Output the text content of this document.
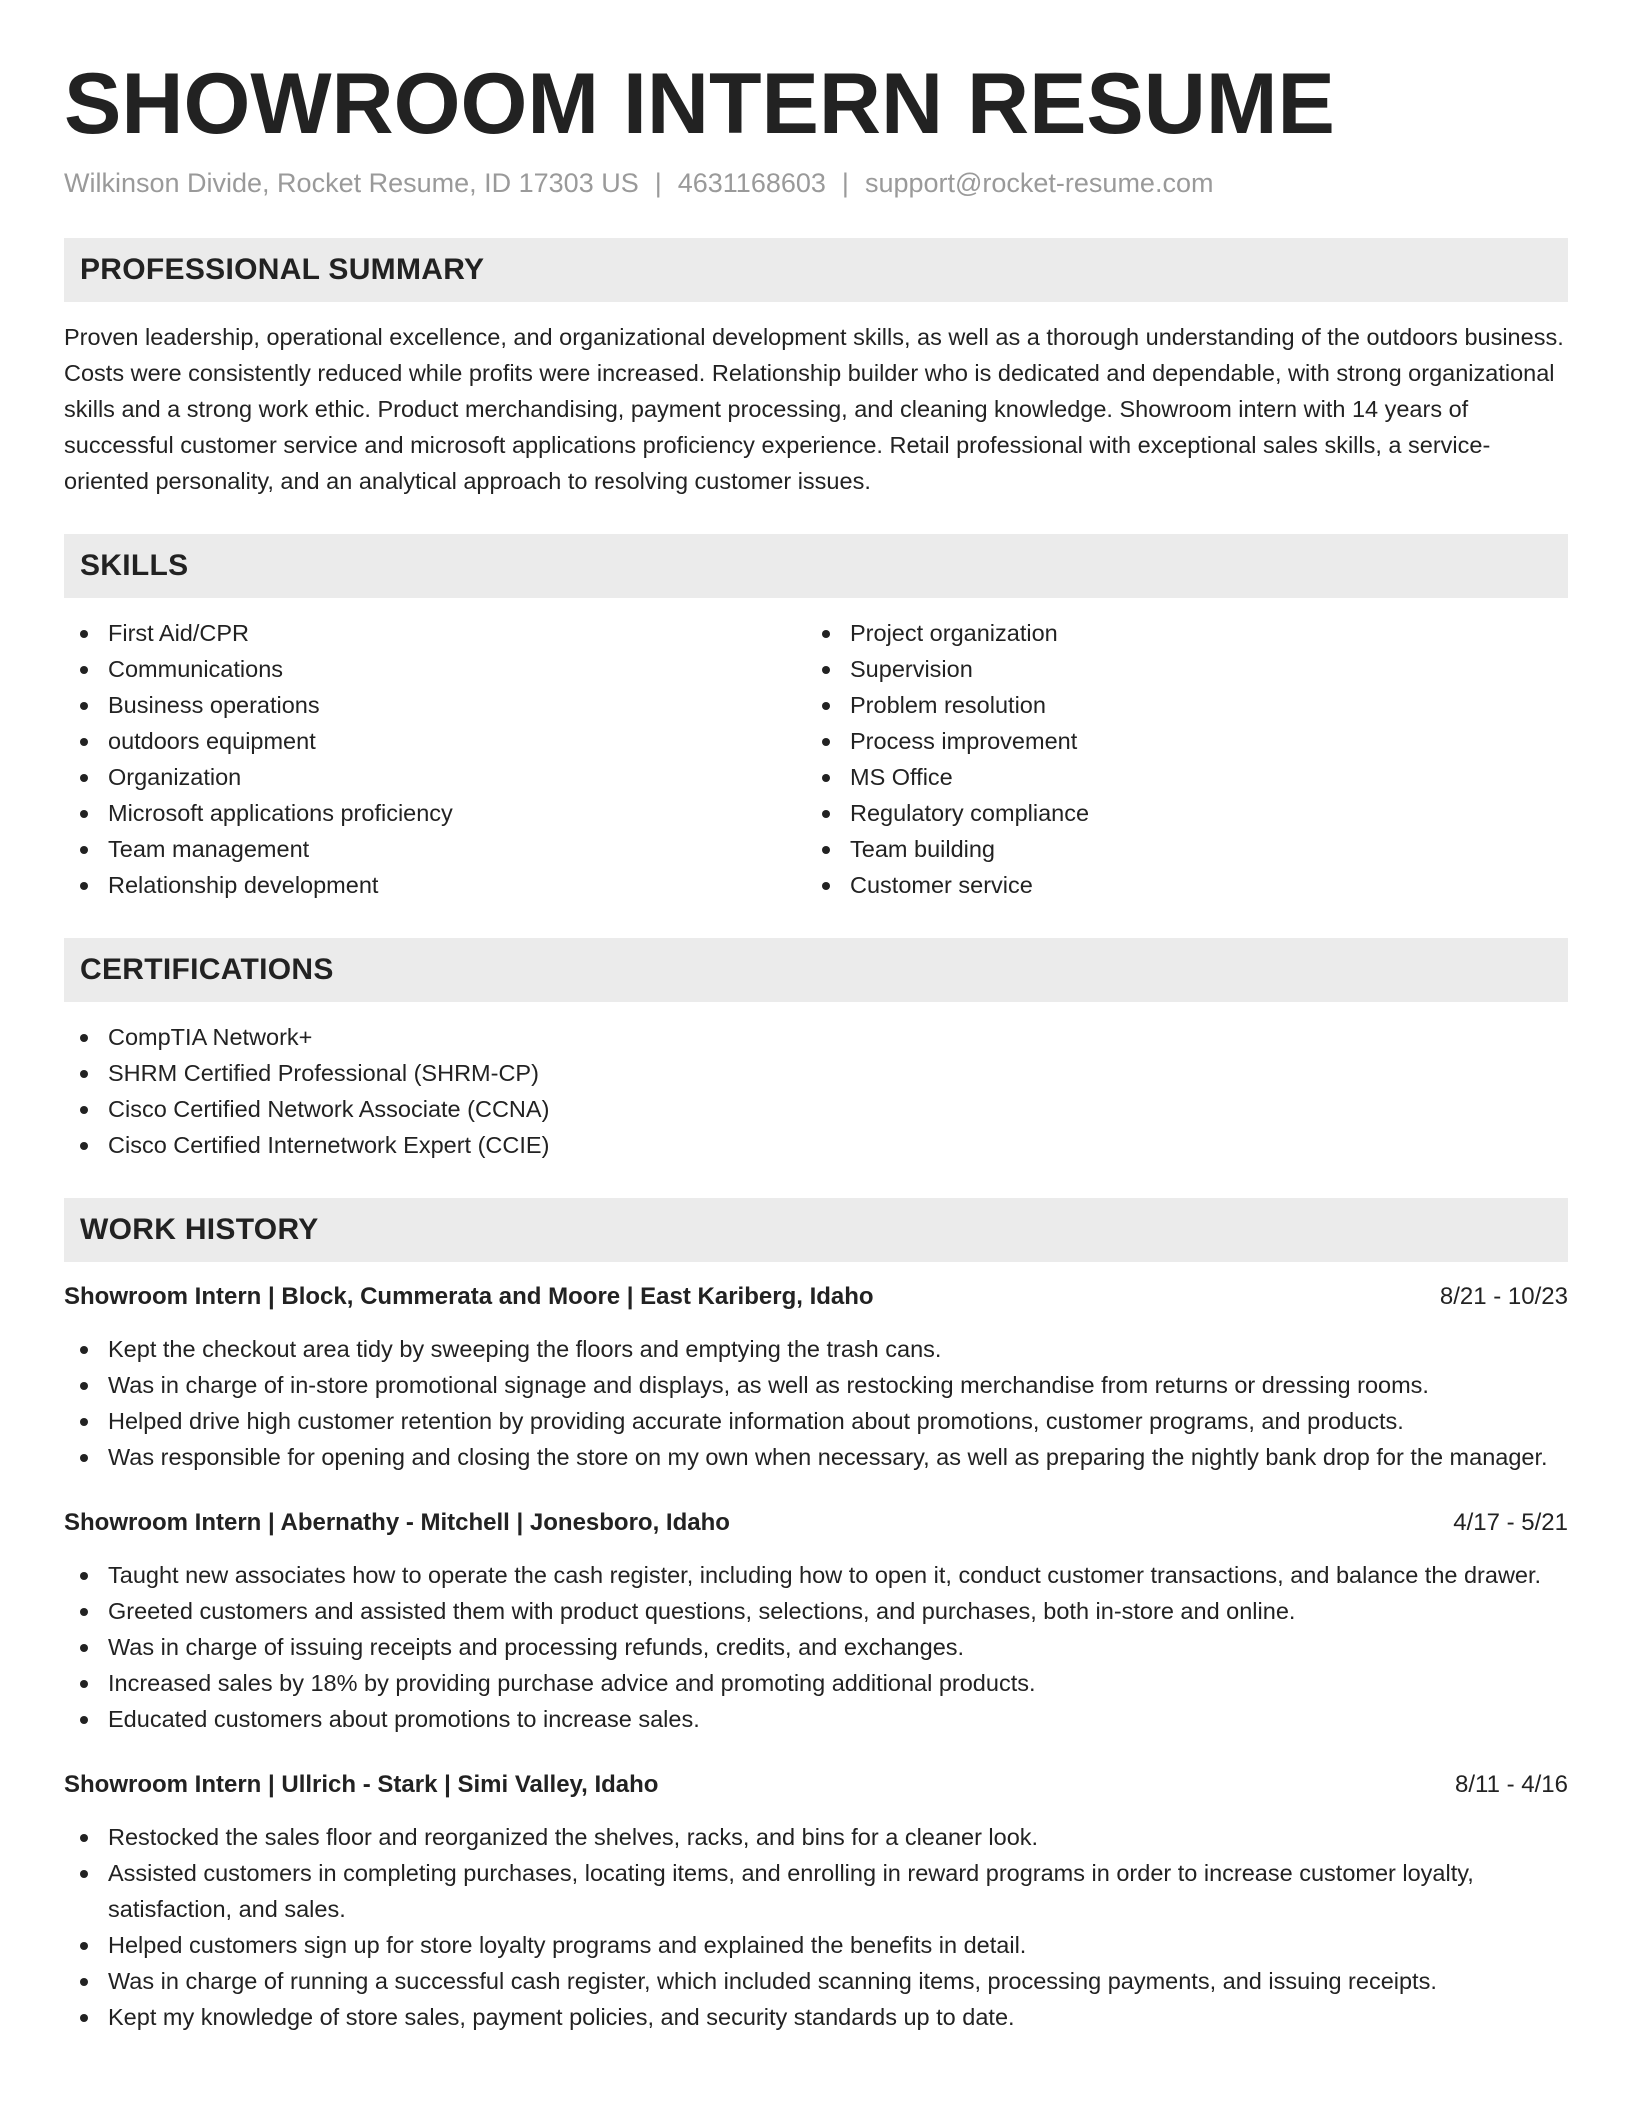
SHOWROOM INTERN RESUME
Wilkinson Divide, Rocket Resume, ID 17303 US | 4631168603 | support@rocket-resume.com
PROFESSIONAL SUMMARY

Proven leadership, operational excellence, and organizational development skills, as well as a thorough understanding of the outdoors business. Costs were consistently reduced while profits were increased. Relationship builder who is dedicated and dependable, with strong organizational skills and a strong work ethic. Product merchandising, payment processing, and cleaning knowledge. Showroom intern with 14 years of successful customer service and microsoft applications proficiency experience. Retail professional with exceptional sales skills, a service-oriented personality, and an analytical approach to resolving customer issues.

SKILLS
First Aid/CPR
Communications
Business operations
outdoors equipment
Organization
Microsoft applications proficiency
Team management
Relationship development
Project organization
Supervision
Problem resolution
Process improvement
MS Office
Regulatory compliance
Team building
Customer service
CERTIFICATIONS
CompTIA Network+
SHRM Certified Professional (SHRM-CP)
Cisco Certified Network Associate (CCNA)
Cisco Certified Internetwork Expert (CCIE)
WORK HISTORY
Showroom Intern | Block, Cummerata and Moore | East Kariberg, Idaho	8/21 - 10/23
Kept the checkout area tidy by sweeping the floors and emptying the trash cans.
Was in charge of in-store promotional signage and displays, as well as restocking merchandise from returns or dressing rooms.
Helped drive high customer retention by providing accurate information about promotions, customer programs, and products.
Was responsible for opening and closing the store on my own when necessary, as well as preparing the nightly bank drop for the manager.
Showroom Intern | Abernathy - Mitchell | Jonesboro, Idaho	4/17 - 5/21
Taught new associates how to operate the cash register, including how to open it, conduct customer transactions, and balance the drawer.
Greeted customers and assisted them with product questions, selections, and purchases, both in-store and online.
Was in charge of issuing receipts and processing refunds, credits, and exchanges.
Increased sales by 18% by providing purchase advice and promoting additional products.
Educated customers about promotions to increase sales.
Showroom Intern | Ullrich - Stark | Simi Valley, Idaho	8/11 - 4/16
Restocked the sales floor and reorganized the shelves, racks, and bins for a cleaner look.
Assisted customers in completing purchases, locating items, and enrolling in reward programs in order to increase customer loyalty, satisfaction, and sales.
Helped customers sign up for store loyalty programs and explained the benefits in detail.
Was in charge of running a successful cash register, which included scanning items, processing payments, and issuing receipts.
Kept my knowledge of store sales, payment policies, and security standards up to date.
